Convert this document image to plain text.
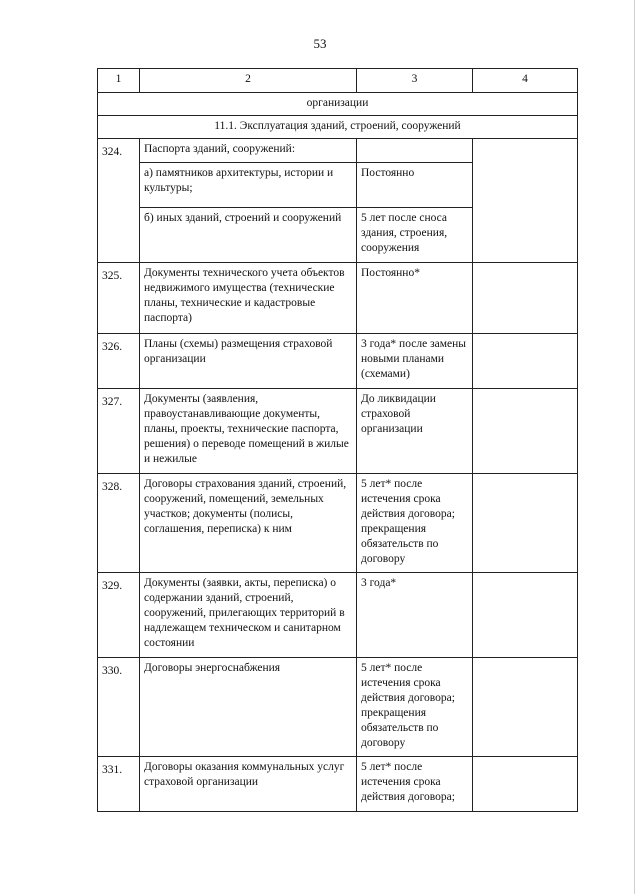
53
1	2	3	4
организации			
11.1. Эксплуатация зданий, строений, сооружений			
324.	Паспорта зданий, сооружений:		
	а) памятников архитектуры, истории и культуры;	Постоянно	
	б) иных зданий, строений и сооружений	5 лет после сноса здания, строения, сооружения	
325.	Документы технического учета объектов недвижимого имущества (технические планы, технические и кадастровые паспорта)	Постоянно*	
326.	Планы (схемы) размещения страховой организации	3 года* после замены новыми планами (схемами)	
327.	Документы (заявления, правоустанавливающие документы, планы, проекты, технические паспорта, решения) о переводе помещений в жилые и нежилые	До ликвидации страховой организации	
328.	Договоры страхования зданий, строений, сооружений, помещений, земельных участков; документы (полисы, соглашения, переписка) к ним	5 лет* после истечения срока действия договора; прекращения обязательств по договору	
329.	Документы (заявки, акты, переписка) о содержании зданий, строений, сооружений, прилегающих территорий в надлежащем техническом и санитарном состоянии	3 года*	
330.	Договоры энергоснабжения	5 лет* после истечения срока действия договора; прекращения обязательств по договору	
331.	Договоры оказания коммунальных услуг страховой организации	5 лет* после истечения срока действия договора;	
